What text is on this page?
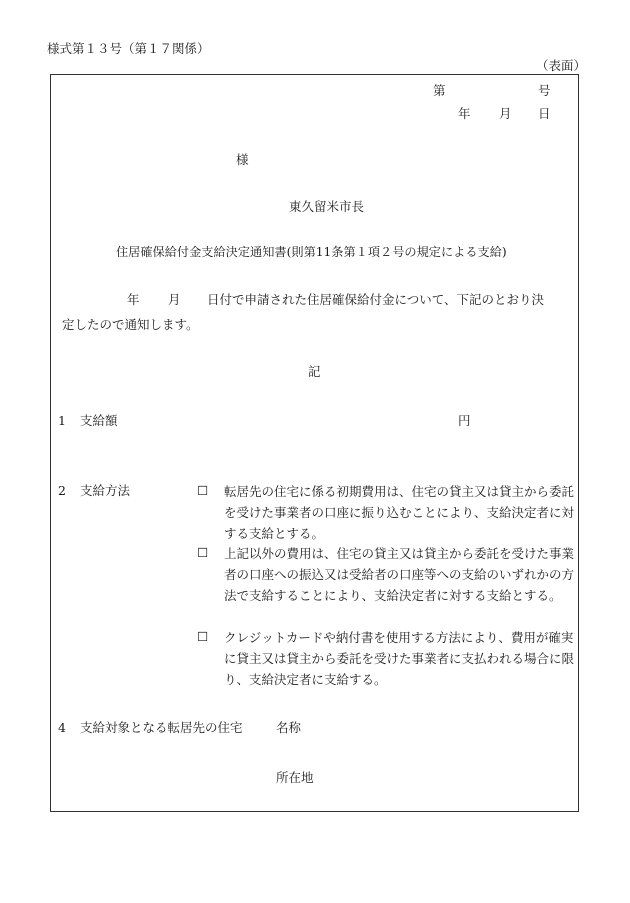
様式第１３号（第１７関係）
（表面）
第	号
年 月 日
様
東久留米市長
住居確保給付金支給決定通知書(則第11条第１項２号の規定による支給)
年 月 日付で申請された住居確保給付金について、下記のとおり決
定したので通知します。
記
1 支給額	円
2 支給方法	☐ 転居先の住宅に係る初期費用は、住宅の貸主又は貸主から委託を受けた事業者の口座に振り込むことにより、支給決定者に対する支給とする。
☐ 上記以外の費用は、住宅の貸主又は貸主から委託を受けた事業者の口座への振込又は受給者の口座等への支給のいずれかの方法で支給することにより、支給決定者に対する支給とする。
☐ クレジットカードや納付書を使用する方法により、費用が確実に貸主又は貸主から委託を受けた事業者に支払われる場合に限り、支給決定者に支給する。
4 支給対象となる転居先の住宅	名称
所在地
